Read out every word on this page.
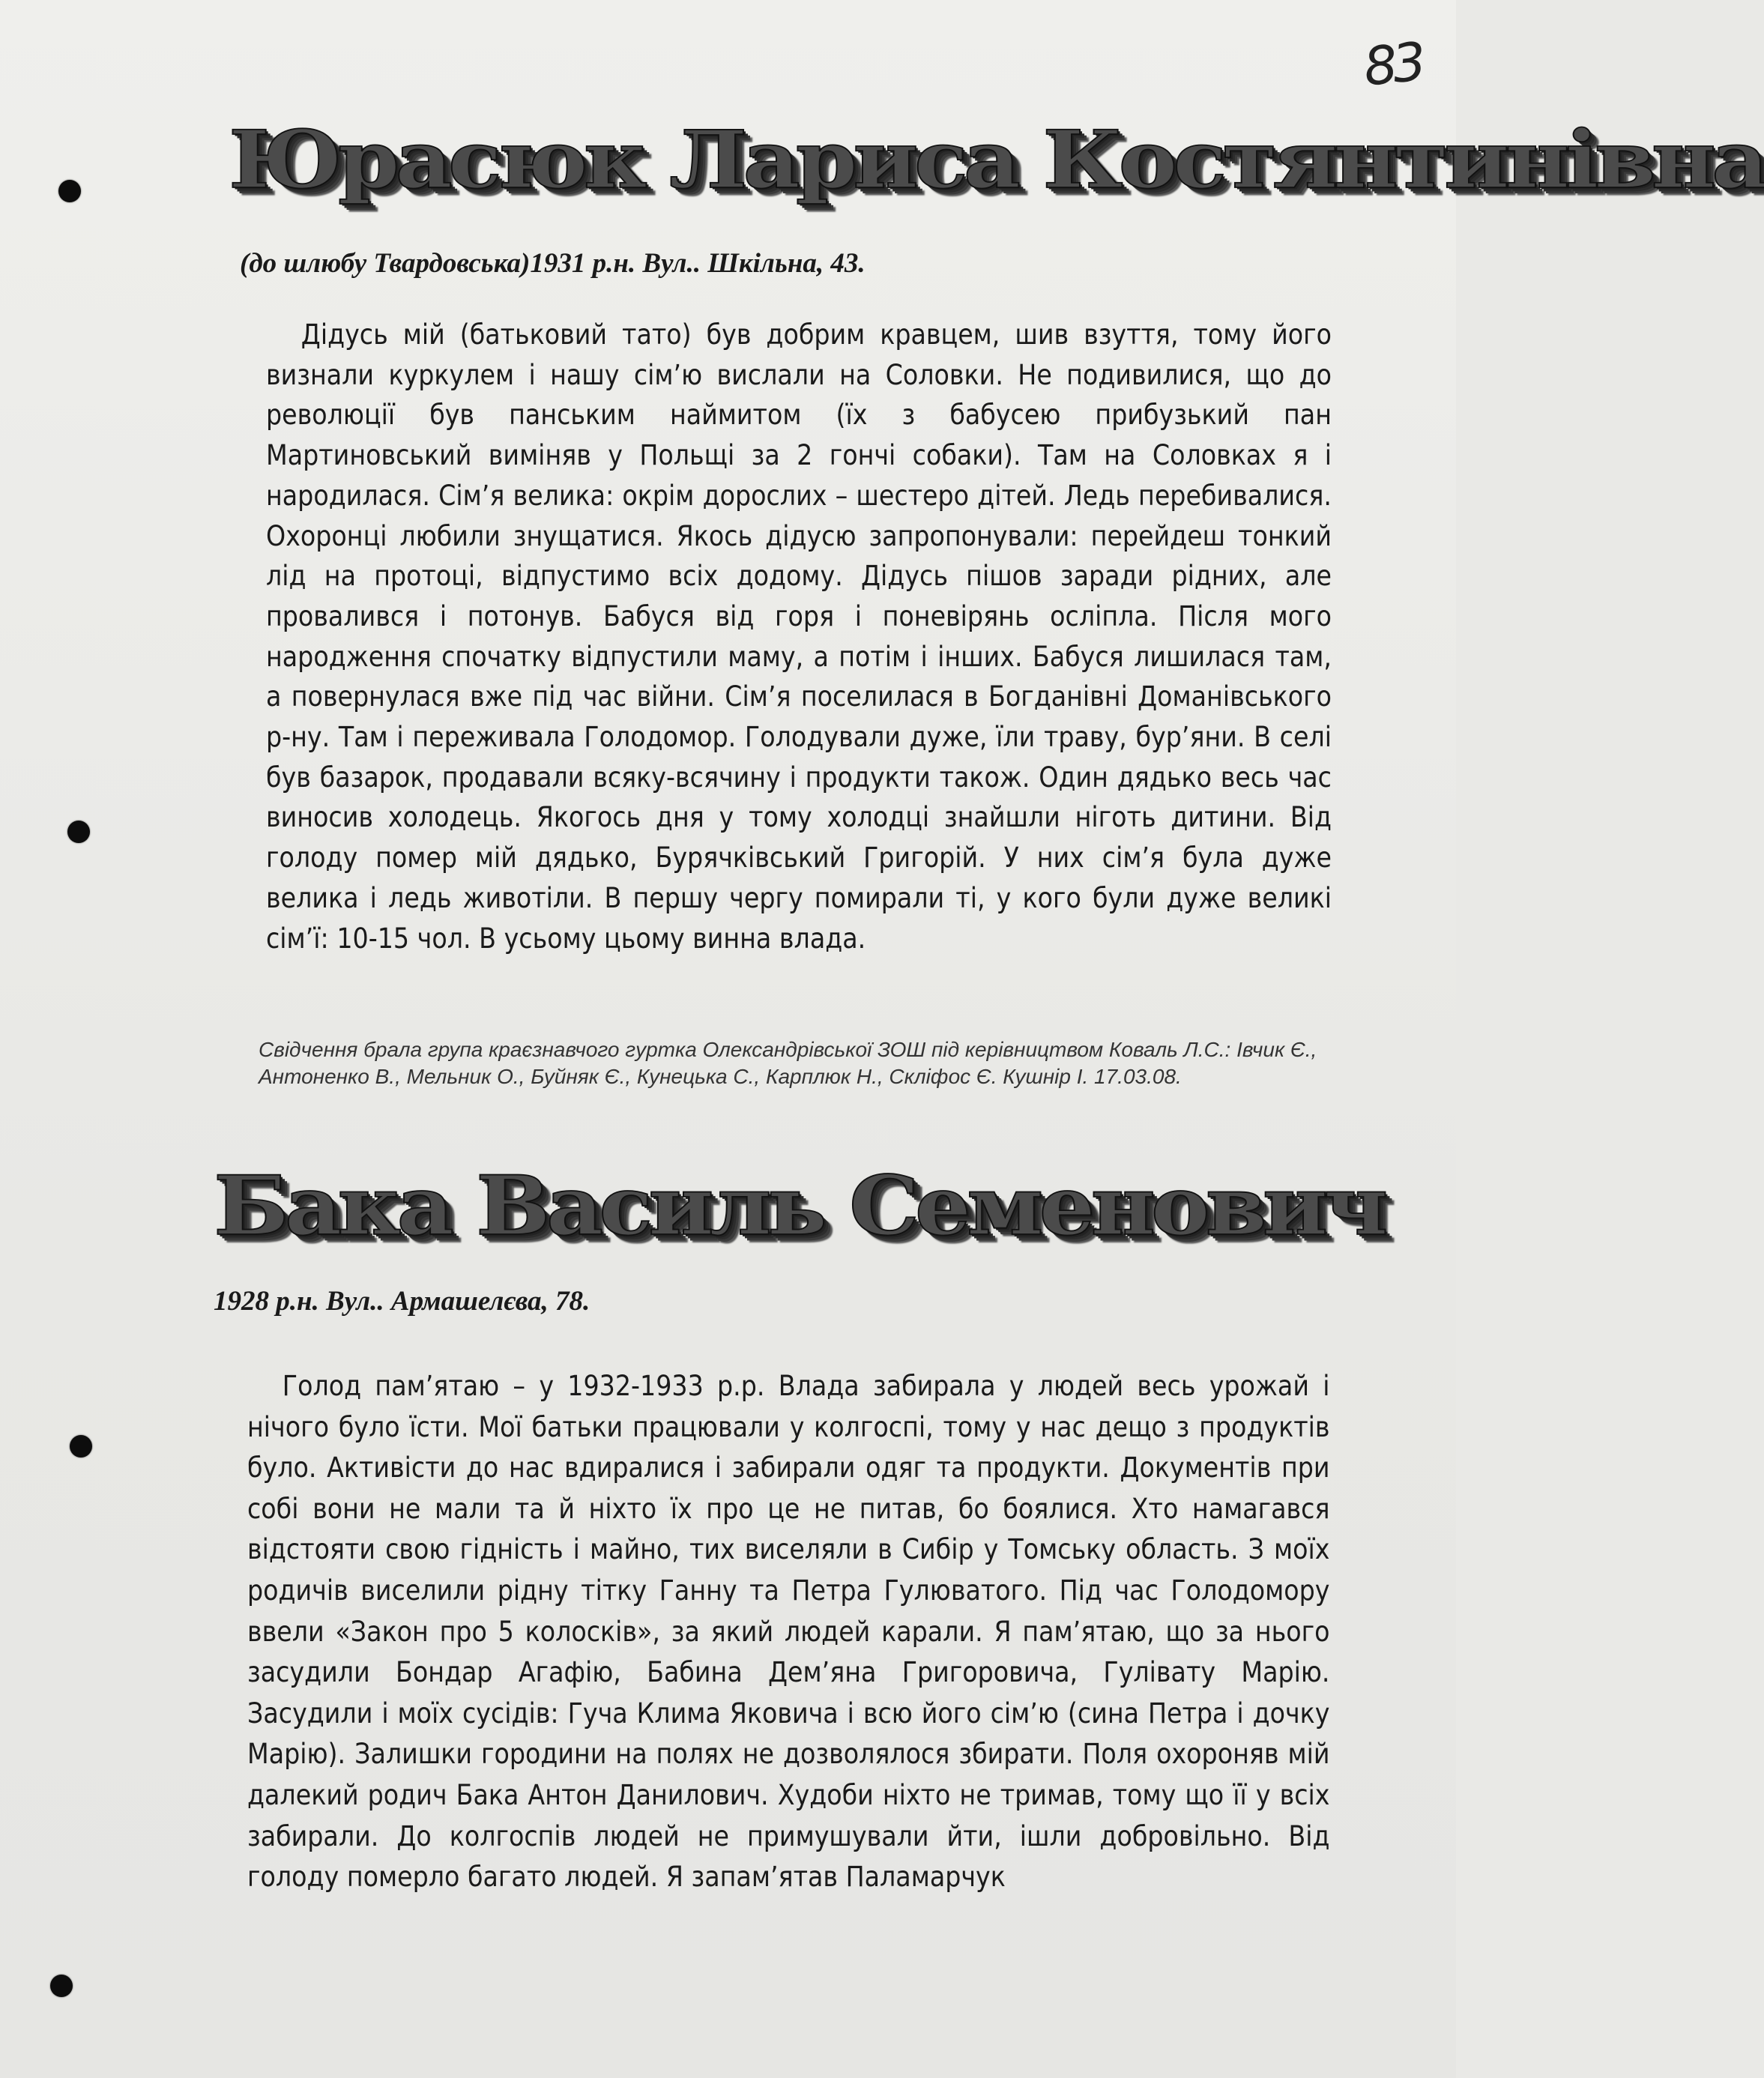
83
Юрасюк Лариса Костянтинівна

(до шлюбу Твардовська)1931 р.н. Вул.. Шкільна, 43.

Дідусь мій (батьковий тато) був добрим кравцем, шив взуття, тому його визнали куркулем і нашу сім’ю вислали на Соловки. Не подивилися, що до революції був панським наймитом (їх з бабусею прибузький пан Мартиновський виміняв у Польщі за 2 гончі собаки). Там на Соловках я і народилася. Сім’я велика: окрім дорослих – шестеро дітей. Ледь перебивалися. Охоронці любили знущатися. Якось дідусю запропонували: перейдеш тонкий лід на протоці, відпустимо всіх додому. Дідусь пішов заради рідних, але провалився і потонув. Бабуся від горя і поневірянь осліпла. Після мого народження спочатку відпустили маму, а потім і інших. Бабуся лишилася там, а повернулася вже під час війни. Сім’я поселилася в Богданівні Доманівського р-ну. Там і переживала Голодомор. Голодували дуже, їли траву, бур’яни. В селі був базарок, продавали всяку-всячину і продукти також. Один дядько весь час виносив холодець. Якогось дня у тому холодці знайшли ніготь дитини. Від голоду помер мій дядько, Бурячківський Григорій. У них сім’я була дуже велика і ледь животіли. В першу чергу помирали ті, у кого були дуже великі сім’ї: 10-15 чол. В усьому цьому винна влада.

Свідчення брала група краєзнавчого гуртка Олександрівської ЗОШ під керівництвом Коваль Л.С.: Івчик Є., Антоненко В., Мельник О., Буйняк Є., Кунецька С., Карплюк Н., Скліфос Є. Кушнір І. 17.03.08.

Бака Василь Семенович

1928 р.н. Вул.. Армашелєва, 78.

Голод пам’ятаю – у 1932-1933 р.р. Влада забирала у людей весь урожай і нічого було їсти. Мої батьки працювали у колгоспі, тому у нас дещо з продуктів було. Активісти до нас вдиралися і забирали одяг та продукти. Документів при собі вони не мали та й ніхто їх про це не питав, бо боялися. Хто намагався відстояти свою гідність і майно, тих виселяли в Сибір у Томську область. З моїх родичів виселили рідну тітку Ганну та Петра Гулюватого. Під час Голодомору ввели «Закон про 5 колосків», за який людей карали. Я пам’ятаю, що за нього засудили Бондар Агафію, Бабина Дем’яна Григоровича, Гулівату Марію. Засудили і моїх сусідів: Гуча Клима Яковича і всю його сім’ю (сина Петра і дочку Марію). Залишки городини на полях не дозволялося збирати. Поля охороняв мій далекий родич Бака Антон Данилович. Худоби ніхто не тримав, тому що її у всіх забирали. До колгоспів людей не примушували йти, ішли добровільно. Від голоду померло багато людей. Я запам’ятав Паламарчук
